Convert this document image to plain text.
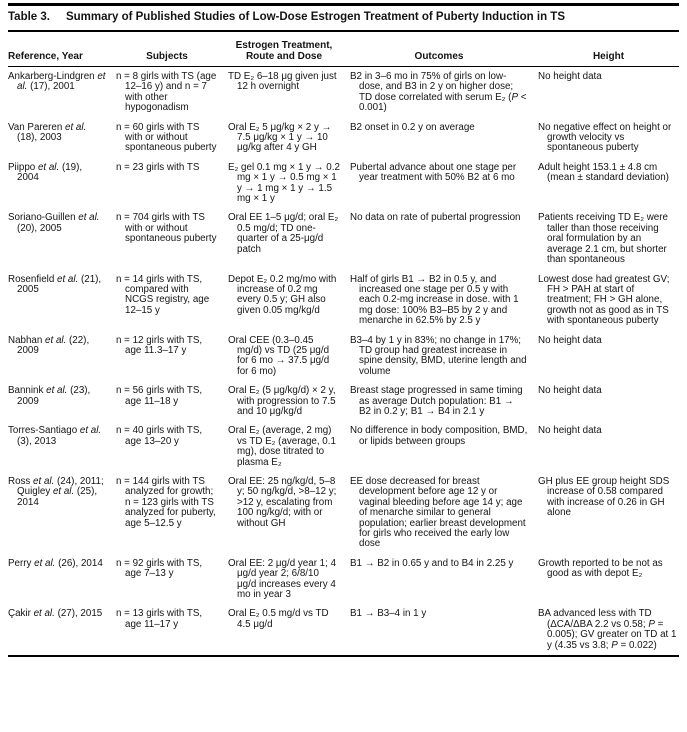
Table 3. Summary of Published Studies of Low-Dose Estrogen Treatment of Puberty Induction in TS
Reference, Year	Subjects	Estrogen Treatment, Route and Dose	Outcomes	Height

Ankarberg-Lindgren et al. (17), 2001	n = 8 girls with TS (age 12–16 y) and n = 7 with other hypogonadism	TD E₂ 6–18 μg given just 12 h overnight	B2 in 3–6 mo in 75% of girls on low-dose, and B3 in 2 y on higher dose; TD dose correlated with serum E₂ (P < 0.001)	No height data

Van Pareren et al. (18), 2003	n = 60 girls with TS with or without spontaneous puberty	Oral E₂ 5 μg/kg × 2 y → 7.5 μg/kg × 1 y → 10 μg/kg after 4 y GH	B2 onset in 0.2 y on average	No negative effect on height or growth velocity vs spontaneous puberty

Piippo et al. (19), 2004	n = 23 girls with TS	E₂ gel 0.1 mg × 1 y → 0.2 mg × 1 y → 0.5 mg × 1 y → 1 mg × 1 y → 1.5 mg × 1 y	Pubertal advance about one stage per year treatment with 50% B2 at 6 mo	Adult height 153.1 ± 4.8 cm (mean ± standard deviation)

Soriano-Guillen et al. (20), 2005	n = 704 girls with TS with or without spontaneous puberty	Oral EE 1–5 μg/d; oral E₂ 0.5 mg/d; TD one-quarter of a 25-μg/d patch	No data on rate of pubertal progression	Patients receiving TD E₂ were taller than those receiving oral formulation by an average 2.1 cm, but shorter than spontaneous

Rosenfield et al. (21), 2005	n = 14 girls with TS, compared with NCGS registry, age 12–15 y	Depot E₂ 0.2 mg/mo with increase of 0.2 mg every 0.5 y; GH also given 0.05 mg/kg/d	Half of girls B1 → B2 in 0.5 y, and increased one stage per 0.5 y with each 0.2-mg increase in dose. with 1 mg dose: 100% B3–B5 by 2 y and menarche in 62.5% by 2.5 y	Lowest dose had greatest GV; FH > PAH at start of treatment; FH > GH alone, growth not as good as in TS with spontaneous puberty

Nabhan et al. (22), 2009	n = 12 girls with TS, age 11.3–17 y	Oral CEE (0.3–0.45 mg/d) vs TD (25 μg/d for 6 mo → 37.5 μg/d for 6 mo)	B3–4 by 1 y in 83%; no change in 17%; TD group had greatest increase in spine density, BMD, uterine length and volume	No height data

Bannink et al. (23), 2009	n = 56 girls with TS, age 11–18 y	Oral E₂ (5 μg/kg/d) × 2 y, with progression to 7.5 and 10 μg/kg/d	Breast stage progressed in same timing as average Dutch population: B1 → B2 in 0.2 y; B1 → B4 in 2.1 y	No height data

Torres-Santiago et al. (3), 2013	n = 40 girls with TS, age 13–20 y	Oral E₂ (average, 2 mg) vs TD E₂ (average, 0.1 mg), dose titrated to plasma E₂	No difference in body composition, BMD, or lipids between groups	No height data

Ross et al. (24), 2011; Quigley et al. (25), 2014	n = 144 girls with TS analyzed for growth; n = 123 girls with TS analyzed for puberty, age 5–12.5 y	Oral EE: 25 ng/kg/d, 5–8 y; 50 ng/kg/d, >8–12 y; >12 y, escalating from 100 ng/kg/d; with or without GH	EE dose decreased for breast development before age 12 y or vaginal bleeding before age 14 y; age of menarche similar to general population; earlier breast development for girls who received the early low dose	GH plus EE group height SDS increase of 0.58 compared with increase of 0.26 in GH alone

Perry et al. (26), 2014	n = 92 girls with TS, age 7–13 y	Oral EE: 2 μg/d year 1; 4 μg/d year 2; 6/8/10 μg/d increases every 4 mo in year 3	B1 → B2 in 0.65 y and to B4 in 2.25 y	Growth reported to be not as good as with depot E₂

Çakir et al. (27), 2015	n = 13 girls with TS, age 11–17 y	Oral E₂ 0.5 mg/d vs TD 4.5 μg/d	B1 → B3–4 in 1 y	BA advanced less with TD (ΔCA/ΔBA 2.2 vs 0.58; P = 0.005); GV greater on TD at 1 y (4.35 vs 3.8; P = 0.022)
